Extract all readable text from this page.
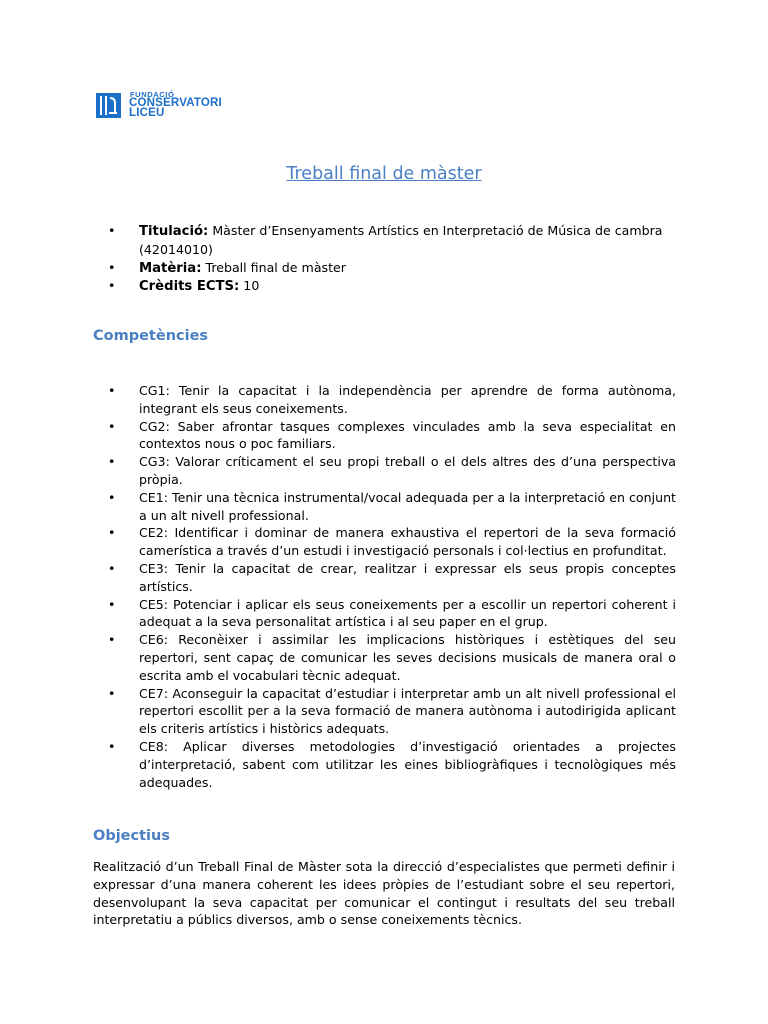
FUNDACIÓ
CONSERVATORI
LICEU
Treball final de màster
• Titulació: Màster d’Ensenyaments Artístics en Interpretació de Música de cambra (42014010)
• Matèria: Treball final de màster
• Crèdits ECTS: 10
Competències
• CG1: Tenir la capacitat i la independència per aprendre de forma autònoma, integrant els seus coneixements.
• CG2: Saber afrontar tasques complexes vinculades amb la seva especialitat en contextos nous o poc familiars.
• CG3: Valorar críticament el seu propi treball o el dels altres des d’una perspectiva pròpia.
• CE1: Tenir una tècnica instrumental/vocal adequada per a la interpretació en conjunt a un alt nivell professional.
• CE2: Identificar i dominar de manera exhaustiva el repertori de la seva formació camerística a través d’un estudi i investigació personals i col·lectius en profunditat.
• CE3: Tenir la capacitat de crear, realitzar i expressar els seus propis conceptes artístics.
• CE5: Potenciar i aplicar els seus coneixements per a escollir un repertori coherent i adequat a la seva personalitat artística i al seu paper en el grup.
• CE6: Reconèixer i assimilar les implicacions històriques i estètiques del seu repertori, sent capaç de comunicar les seves decisions musicals de manera oral o escrita amb el vocabulari tècnic adequat.
• CE7: Aconseguir la capacitat d’estudiar i interpretar amb un alt nivell professional el repertori escollit per a la seva formació de manera autònoma i autodirigida aplicant els criteris artístics i històrics adequats.
• CE8: Aplicar diverses metodologies d’investigació orientades a projectes d’interpretació, sabent com utilitzar les eines bibliogràfiques i tecnològiques més adequades.
Objectius

Realització d’un Treball Final de Màster sota la direcció d’especialistes que permeti definir i expressar d’una manera coherent les idees pròpies de l’estudiant sobre el seu repertori, desenvolupant la seva capacitat per comunicar el contingut i resultats del seu treball interpretatiu a públics diversos, amb o sense coneixements tècnics.
